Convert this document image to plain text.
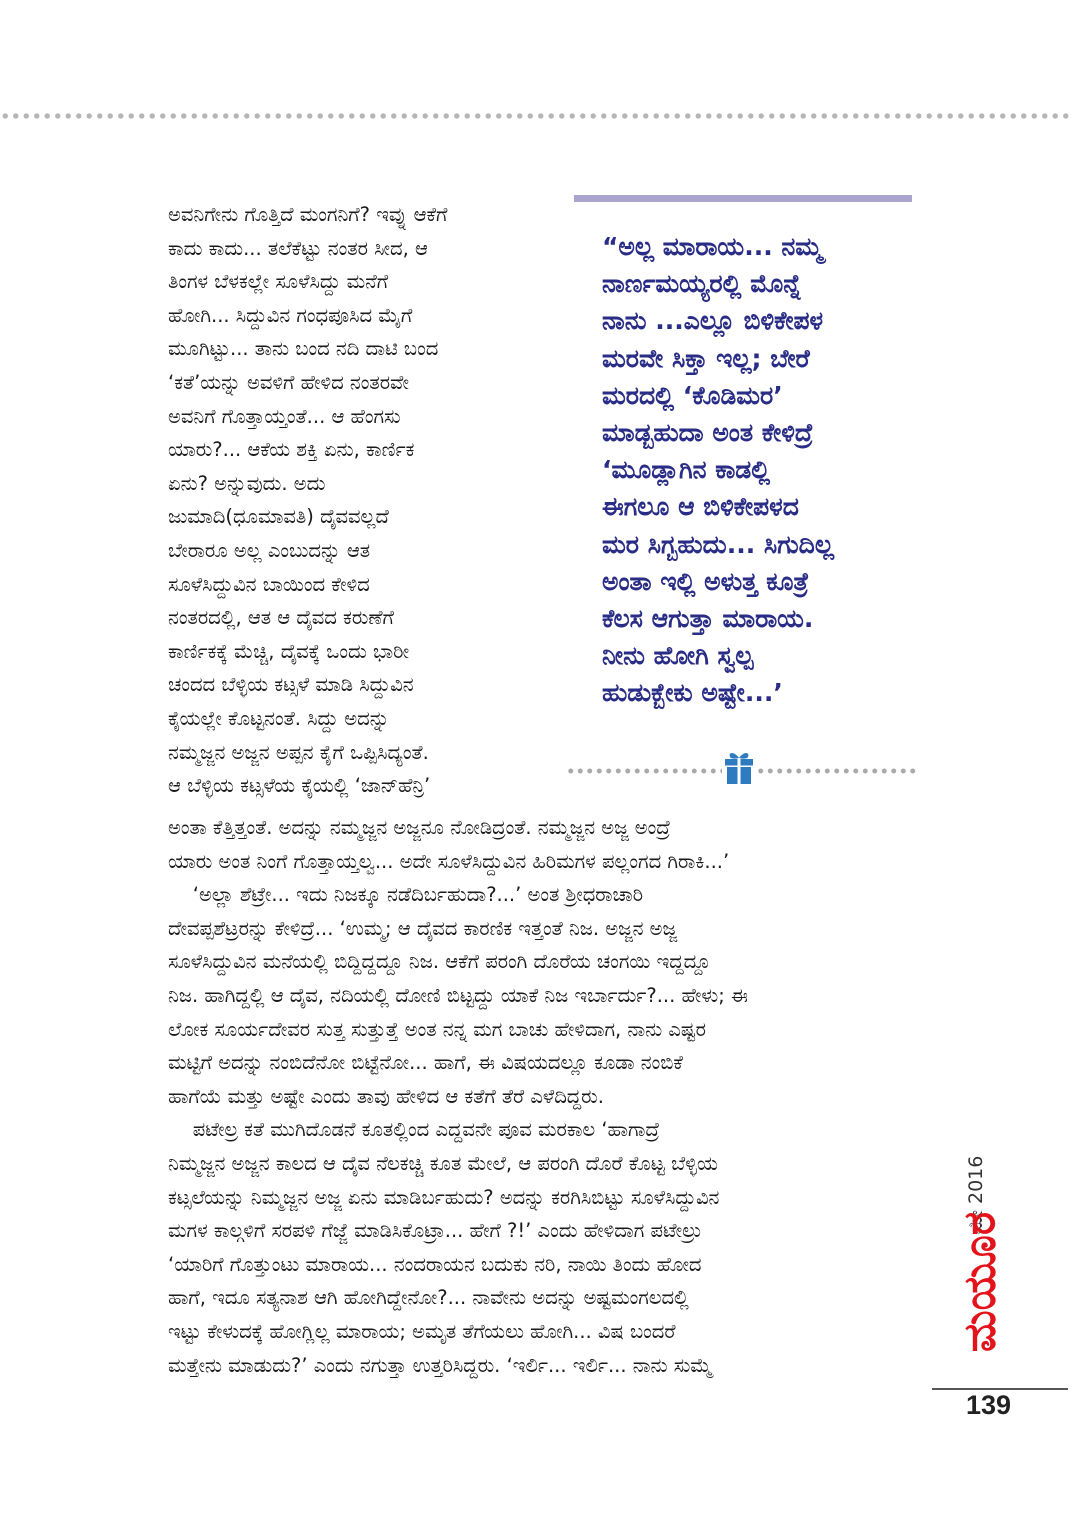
ಅವನಿಗೇನು ಗೊತ್ತಿದೆ ಮಂಗನಿಗೆ? ಇವ್ನು ಆಕೆಗೆ
ಕಾದು ಕಾದು... ತಲೆಕೆಟ್ಟು ನಂತರ ಸೀದ, ಆ
ತಿಂಗಳ ಬೆಳಕಲ್ಲೇ ಸೂಳೆಸಿದ್ದು ಮನೆಗೆ
ಹೋಗಿ... ಸಿದ್ದುವಿನ ಗಂಧಪೂಸಿದ ಮೈಗೆ
ಮೂಗಿಟ್ಟು... ತಾನು ಬಂದ ನದಿ ದಾಟಿ ಬಂದ
‘ಕತೆ’ಯನ್ನು ಅವಳಿಗೆ ಹೇಳಿದ ನಂತರವೇ
ಅವನಿಗೆ ಗೊತ್ತಾಯ್ತಂತೆ... ಆ ಹೆಂಗಸು
ಯಾರು?... ಆಕೆಯ ಶಕ್ತಿ ಏನು, ಕಾರ್ಣಿಕ
ಏನು? ಅನ್ನುವುದು. ಅದು
ಜುಮಾದಿ(ಧೂಮಾವತಿ) ದೈವವಲ್ಲದೆ
ಬೇರಾರೂ ಅಲ್ಲ ಎಂಬುದನ್ನು ಆತ
ಸೂಳೆಸಿದ್ದುವಿನ ಬಾಯಿಂದ ಕೇಳಿದ
ನಂತರದಲ್ಲಿ, ಆತ ಆ ದೈವದ ಕರುಣೆಗೆ
ಕಾರ್ಣಿಕಕ್ಕೆ ಮೆಚ್ಚಿ, ದೈವಕ್ಕೆ ಒಂದು ಭಾರೀ
ಚಂದದ ಬೆಳ್ಳಿಯ ಕಟ್ಸಳೆ ಮಾಡಿ ಸಿದ್ದುವಿನ
ಕೈಯಲ್ಲೇ ಕೊಟ್ಟನಂತೆ. ಸಿದ್ದು ಅದನ್ನು
ನಮ್ಮಜ್ಜನ ಅಜ್ಜನ ಅಪ್ಪನ ಕೈಗೆ ಒಪ್ಪಿಸಿದ್ಯಂತೆ.
ಆ ಬೆಳ್ಳಿಯ ಕಟ್ಸಳೆಯ ಕೈಯಲ್ಲಿ ‘ಜಾನ್‌ಹೆನ್ರಿ’
“ಅಲ್ಲ ಮಾರಾಯ... ನಮ್ಮ
ನಾರ್ಣಮಯ್ಯರಲ್ಲಿ ಮೊನ್ನೆ
ನಾನು ...ಎಲ್ಲೂ ಬಿಳಿಕೇಪಳ
ಮರವೇ ಸಿಕ್ತಾ ಇಲ್ಲ; ಬೇರೆ
ಮರದಲ್ಲಿ ‘ಕೊಡಿಮರ’
ಮಾಡ್ಬಹುದಾ ಅಂತ ಕೇಳಿದ್ರೆ
‘ಮೂಡ್ಲಾಗಿನ ಕಾಡಲ್ಲಿ
ಈಗಲೂ ಆ ಬಿಳಿಕೇಪಳದ
ಮರ ಸಿಗ್ಬಹುದು... ಸಿಗುದಿಲ್ಲ
ಅಂತಾ ಇಲ್ಲಿ ಅಳುತ್ತ ಕೂತ್ರೆ
ಕೆಲಸ ಆಗುತ್ತಾ ಮಾರಾಯ.
ನೀನು ಹೋಗಿ ಸ್ವಲ್ಪ
ಹುಡುಕ್ಬೇಕು ಅಷ್ಟೇ...’
ಅಂತಾ ಕೆತ್ತಿತ್ತಂತೆ. ಅದನ್ನು ನಮ್ಮಜ್ಜನ ಅಜ್ಜನೂ ನೋಡಿದ್ರಂತೆ. ನಮ್ಮಜ್ಜನ ಅಜ್ಜ ಅಂದ್ರೆ
ಯಾರು ಅಂತ ನಿಂಗೆ ಗೊತ್ತಾಯ್ತಲ್ವ... ಅದೇ ಸೂಳೆಸಿದ್ದುವಿನ ಹಿರಿಮಗಳ ಪಲ್ಲಂಗದ ಗಿರಾಕಿ...’
‘ಅಲ್ಲಾ ಶೆಟ್ರೇ... ಇದು ನಿಜಕ್ಕೂ ನಡೆದಿರ್ಬಹುದಾ?...’ ಅಂತ ಶ್ರೀಧರಾಚಾರಿ
ದೇವಪ್ಪಶೆಟ್ರರನ್ನು ಕೇಳಿದ್ರೆ... ‘ಉಮ್ಮ; ಆ ದೈವದ ಕಾರಣಿಕ ಇತ್ತಂತೆ ನಿಜ. ಅಜ್ಜನ ಅಜ್ಜ
ಸೂಳೆಸಿದ್ದುವಿನ ಮನೆಯಲ್ಲಿ ಬಿದ್ದಿದ್ದದ್ದೂ ನಿಜ. ಆಕೆಗೆ ಪರಂಗಿ ದೊರೆಯ ಚಂಗಯಿ ಇದ್ದದ್ದೂ
ನಿಜ. ಹಾಗಿದ್ದಲ್ಲಿ ಆ ದೈವ, ನದಿಯಲ್ಲಿ ದೋಣಿ ಬಿಟ್ಟದ್ದು ಯಾಕೆ ನಿಜ ಇರ್ಬಾರ್ದು?... ಹೇಳು; ಈ
ಲೋಕ ಸೂರ್ಯದೇವರ ಸುತ್ತ ಸುತ್ತುತ್ತೆ ಅಂತ ನನ್ನ ಮಗ ಬಾಚು ಹೇಳಿದಾಗ, ನಾನು ಎಷ್ಟರ
ಮಟ್ಟಿಗೆ ಅದನ್ನು ನಂಬಿದೆನೋ ಬಿಟ್ಟೆನೋ... ಹಾಗೆ, ಈ ವಿಷಯದಲ್ಲೂ ಕೂಡಾ ನಂಬಿಕೆ
ಹಾಗೆಯೆ ಮತ್ತು ಅಷ್ಟೇ ಎಂದು ತಾವು ಹೇಳಿದ ಆ ಕತೆಗೆ ತೆರೆ ಎಳೆದಿದ್ದರು.
ಪಟೇಲ್ರ ಕತೆ ಮುಗಿದೊಡನೆ ಕೂತಲ್ಲಿಂದ ಎದ್ದವನೇ ಪೂವ ಮರಕಾಲ ‘ಹಾಗಾದ್ರೆ
ನಿಮ್ಮಜ್ಜನ ಅಜ್ಜನ ಕಾಲದ ಆ ದೈವ ನೆಲಕಚ್ಚಿ ಕೂತ ಮೇಲೆ, ಆ ಪರಂಗಿ ದೊರೆ ಕೊಟ್ಟ ಬೆಳ್ಳಿಯ
ಕಟ್ಸಲೆಯನ್ನು ನಿಮ್ಮಜ್ಜನ ಅಜ್ಜ ಏನು ಮಾಡಿರ್ಬಹುದು? ಅದನ್ನು ಕರಗಿಸಿಬಿಟ್ಟು ಸೂಳೆಸಿದ್ದುವಿನ
ಮಗಳ ಕಾಲ್ಗಳಿಗೆ ಸರಪಳಿ ಗೆಜ್ಜೆ ಮಾಡಿಸಿಕೊಟ್ರಾ... ಹೇಗೆ ?!’ ಎಂದು ಹೇಳಿದಾಗ ಪಟೇಲ್ರು
‘ಯಾರಿಗೆ ಗೊತ್ತುಂಟು ಮಾರಾಯ... ನಂದರಾಯನ ಬದುಕು ನರಿ, ನಾಯಿ ತಿಂದು ಹೋದ
ಹಾಗೆ, ಇದೂ ಸತ್ಯನಾಶ ಆಗಿ ಹೋಗಿದ್ದೇನೋ?... ನಾವೇನು ಅದನ್ನು ಅಷ್ಟಮಂಗಲದಲ್ಲಿ
ಇಟ್ಟು ಕೇಳುದಕ್ಕೆ ಹೋಗ್ಲಿಲ್ಲ ಮಾರಾಯ; ಅಮೃತ ತೆಗೆಯಲು ಹೋಗಿ... ವಿಷ ಬಂದರೆ
ಮತ್ತೇನು ಮಾಡುದು?’ ಎಂದು ನಗುತ್ತಾ ಉತ್ತರಿಸಿದ್ದರು. ‘ಇರ್ಲಿ... ಇರ್ಲಿ... ನಾನು ಸುಮ್ಮೆ
ಮೇ 2016
ಮಯೂರ
139
